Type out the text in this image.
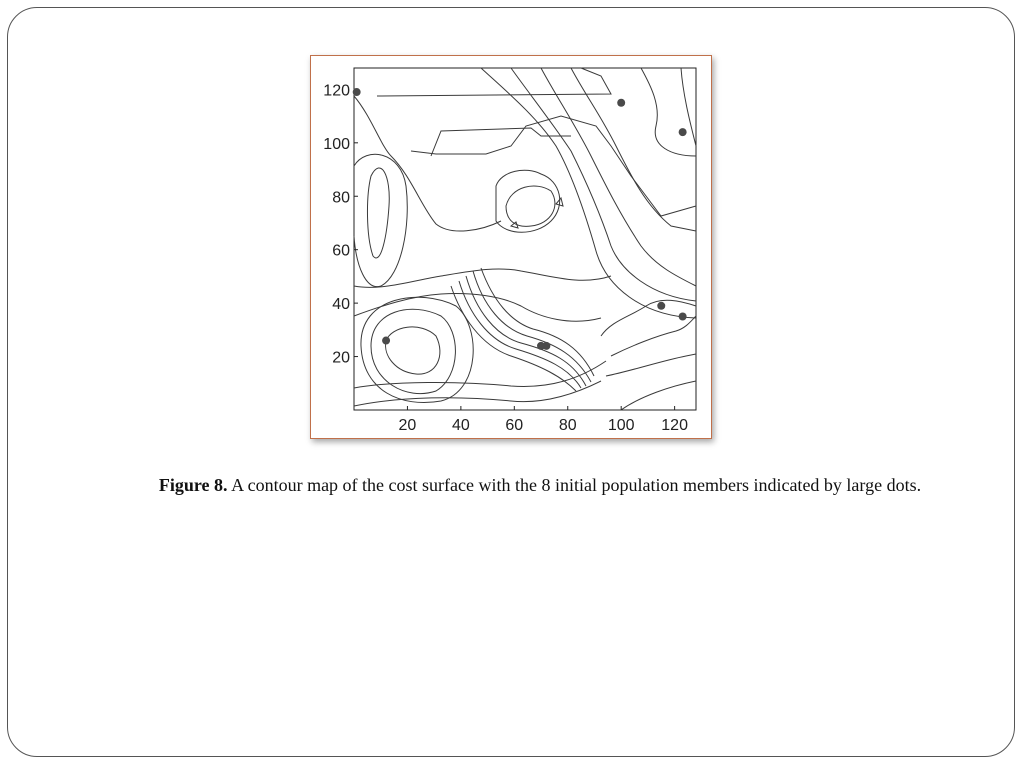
20 40 60 80 100 120
20
40
60
80
100
120
Figure 8. A contour map of the cost surface with the 8 initial population members indicated by large dots.
